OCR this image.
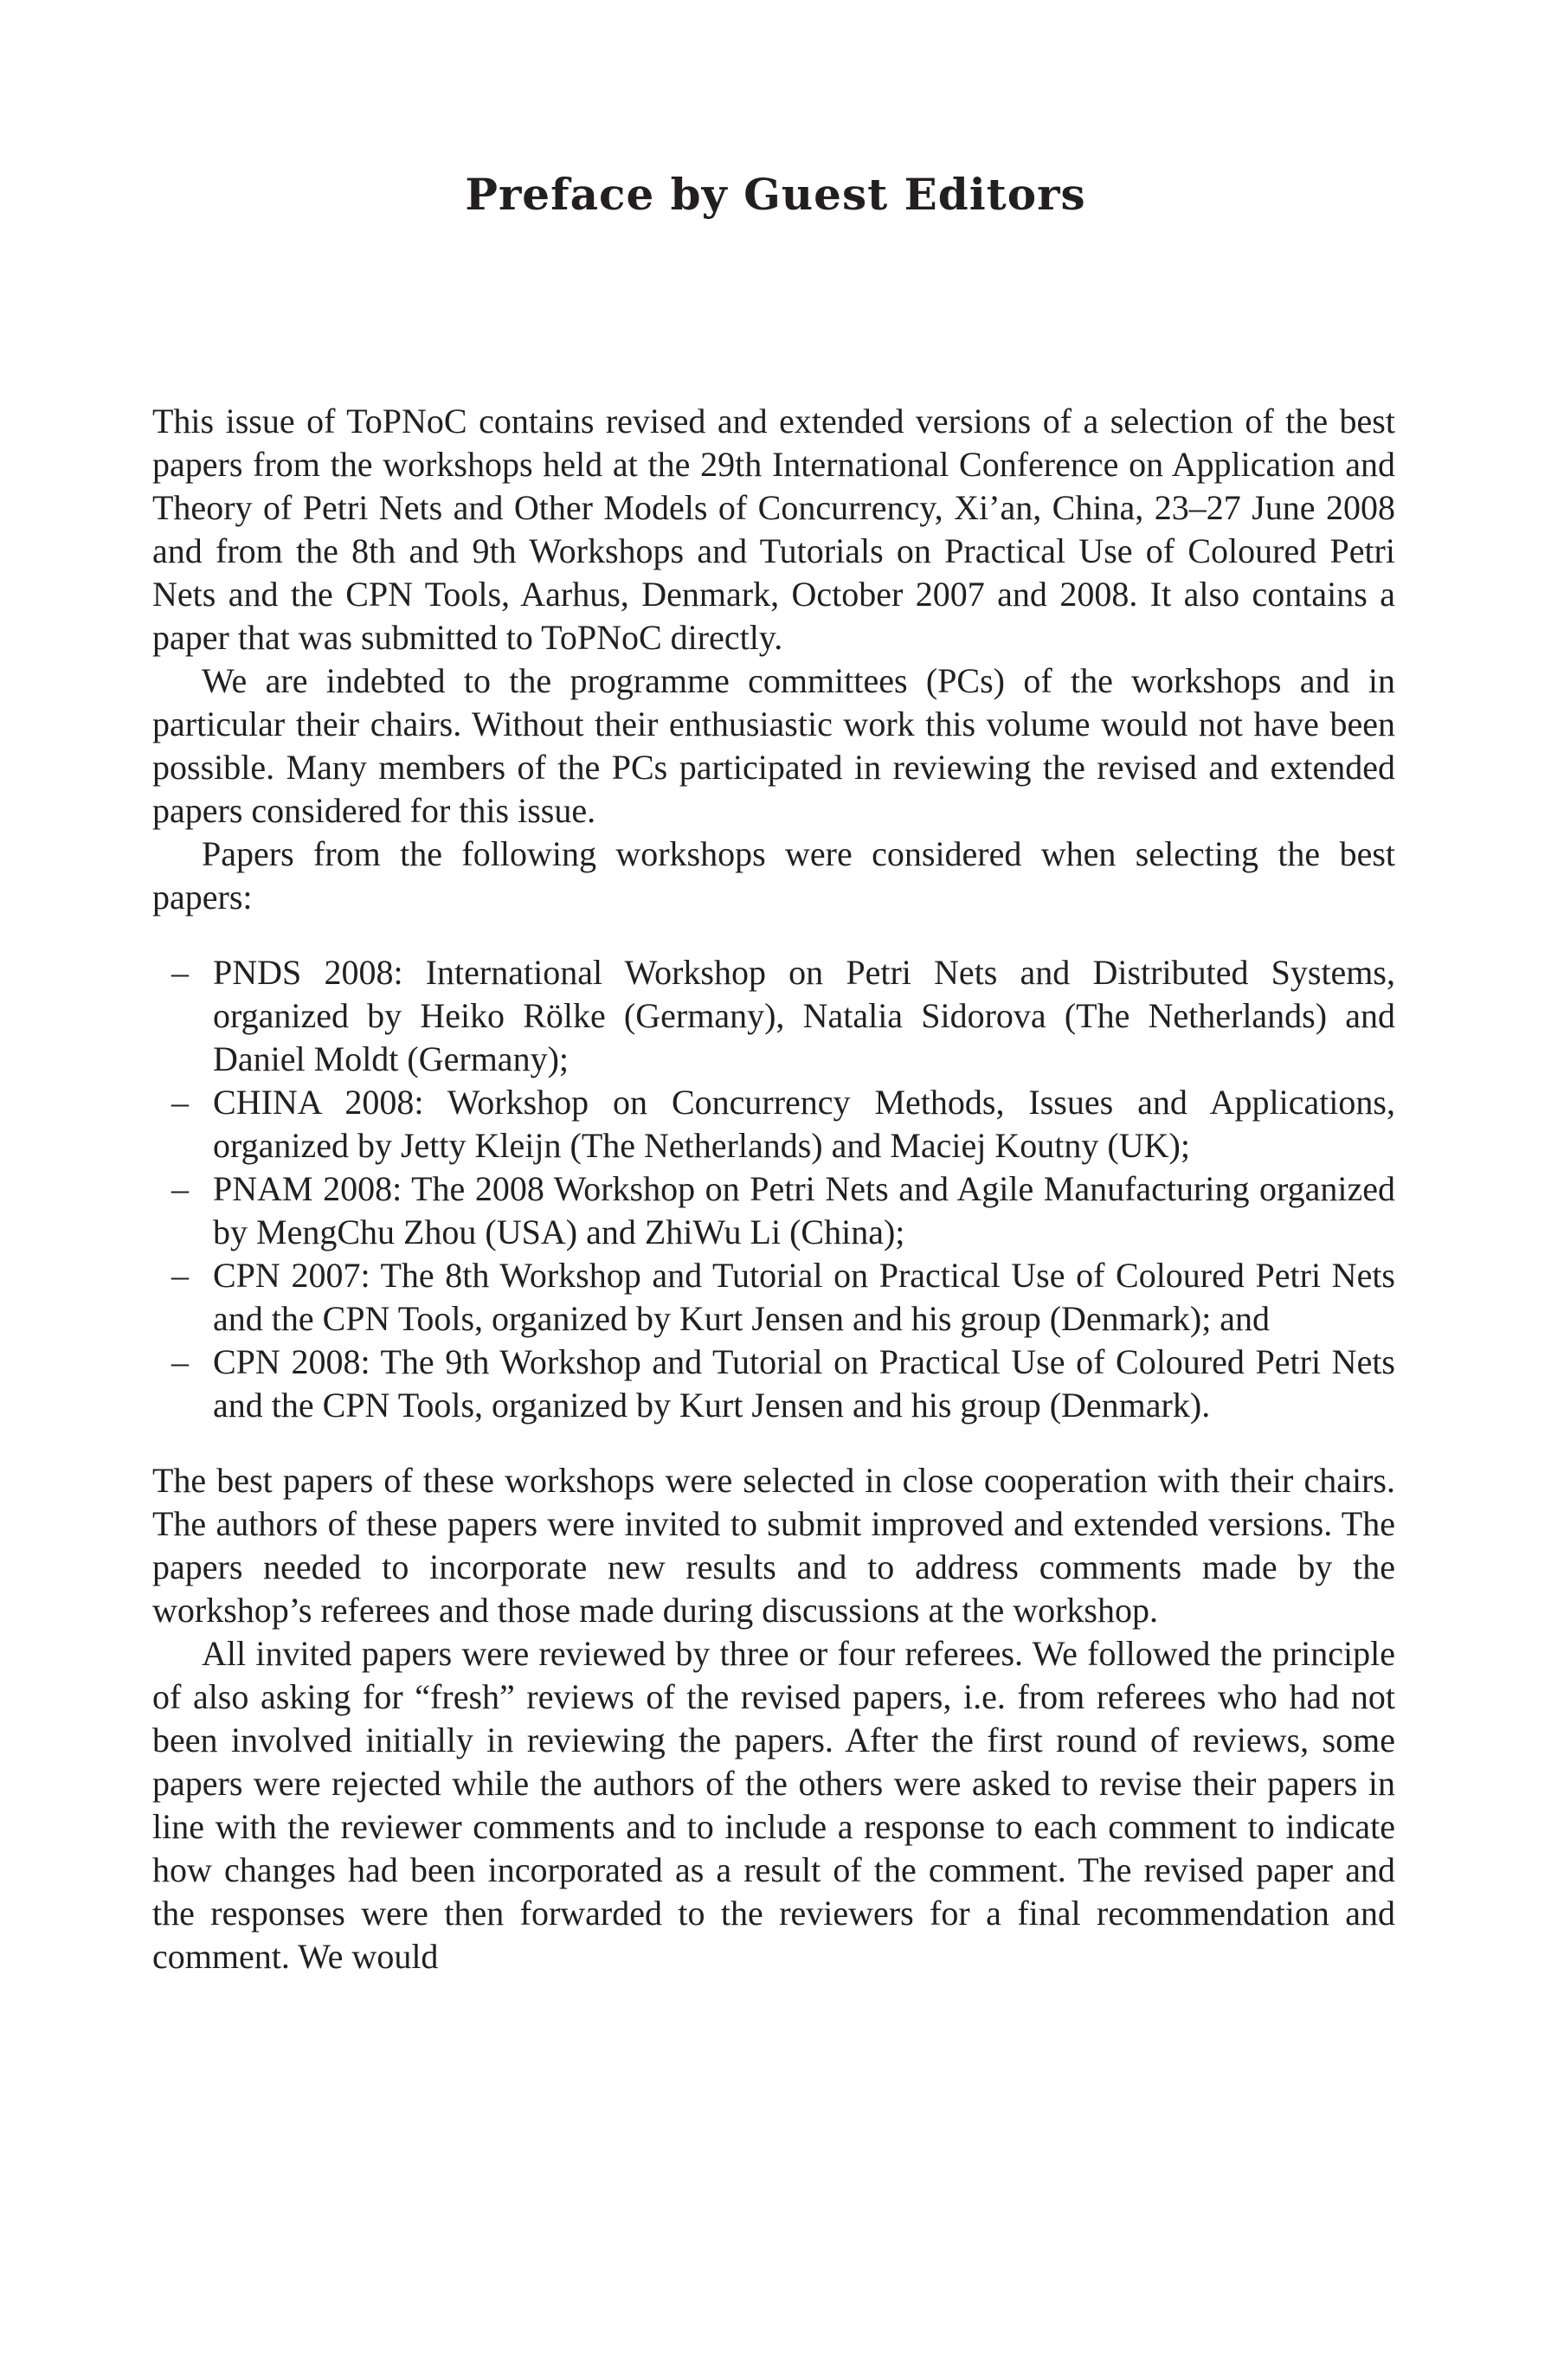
Preface by Guest Editors

This issue of ToPNoC contains revised and extended versions of a selection of the best papers from the workshops held at the 29th International Conference on Application and Theory of Petri Nets and Other Models of Concurrency, Xi’an, China, 23–27 June 2008 and from the 8th and 9th Workshops and Tutorials on Practical Use of Coloured Petri Nets and the CPN Tools, Aarhus, Denmark, October 2007 and 2008. It also contains a paper that was submitted to ToPNoC directly.

We are indebted to the programme committees (PCs) of the workshops and in particular their chairs. Without their enthusiastic work this volume would not have been possible. Many members of the PCs participated in reviewing the revised and extended papers considered for this issue.

Papers from the following workshops were considered when selecting the best papers:

– PNDS 2008: International Workshop on Petri Nets and Distributed Systems, organized by Heiko Rölke (Germany), Natalia Sidorova (The Netherlands) and Daniel Moldt (Germany);
– CHINA 2008: Workshop on Concurrency Methods, Issues and Applications, organized by Jetty Kleijn (The Netherlands) and Maciej Koutny (UK);
– PNAM 2008: The 2008 Workshop on Petri Nets and Agile Manufacturing organized by MengChu Zhou (USA) and ZhiWu Li (China);
– CPN 2007: The 8th Workshop and Tutorial on Practical Use of Coloured Petri Nets and the CPN Tools, organized by Kurt Jensen and his group (Denmark); and
– CPN 2008: The 9th Workshop and Tutorial on Practical Use of Coloured Petri Nets and the CPN Tools, organized by Kurt Jensen and his group (Denmark).

The best papers of these workshops were selected in close cooperation with their chairs. The authors of these papers were invited to submit improved and extended versions. The papers needed to incorporate new results and to address comments made by the workshop’s referees and those made during discussions at the workshop.

All invited papers were reviewed by three or four referees. We followed the principle of also asking for “fresh” reviews of the revised papers, i.e. from referees who had not been involved initially in reviewing the papers. After the first round of reviews, some papers were rejected while the authors of the others were asked to revise their papers in line with the reviewer comments and to include a response to each comment to indicate how changes had been incorporated as a result of the comment. The revised paper and the responses were then forwarded to the reviewers for a final recommendation and comment. We would
